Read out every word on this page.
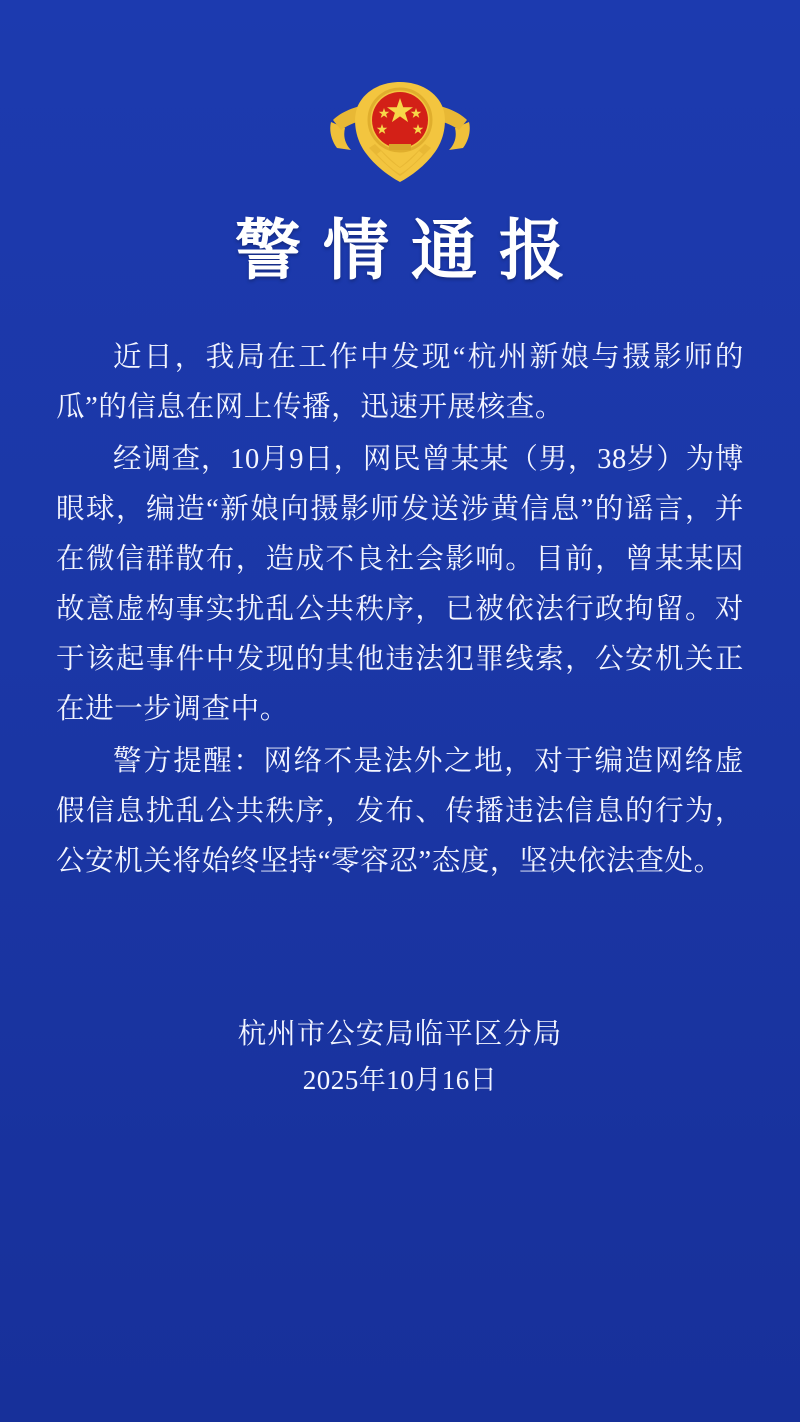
警情通报

近日，我局在工作中发现“杭州新娘与摄影师的瓜”的信息在网上传播，迅速开展核查。

经调查，10月9日，网民曾某某（男，38岁）为博眼球，编造“新娘向摄影师发送涉黄信息”的谣言，并在微信群散布，造成不良社会影响。目前，曾某某因故意虚构事实扰乱公共秩序，已被依法行政拘留。对于该起事件中发现的其他违法犯罪线索，公安机关正在进一步调查中。

警方提醒：网络不是法外之地，对于编造网络虚假信息扰乱公共秩序，发布、传播违法信息的行为，公安机关将始终坚持“零容忍”态度，坚决依法查处。

杭州市公安局临平区分局
2025年10月16日
